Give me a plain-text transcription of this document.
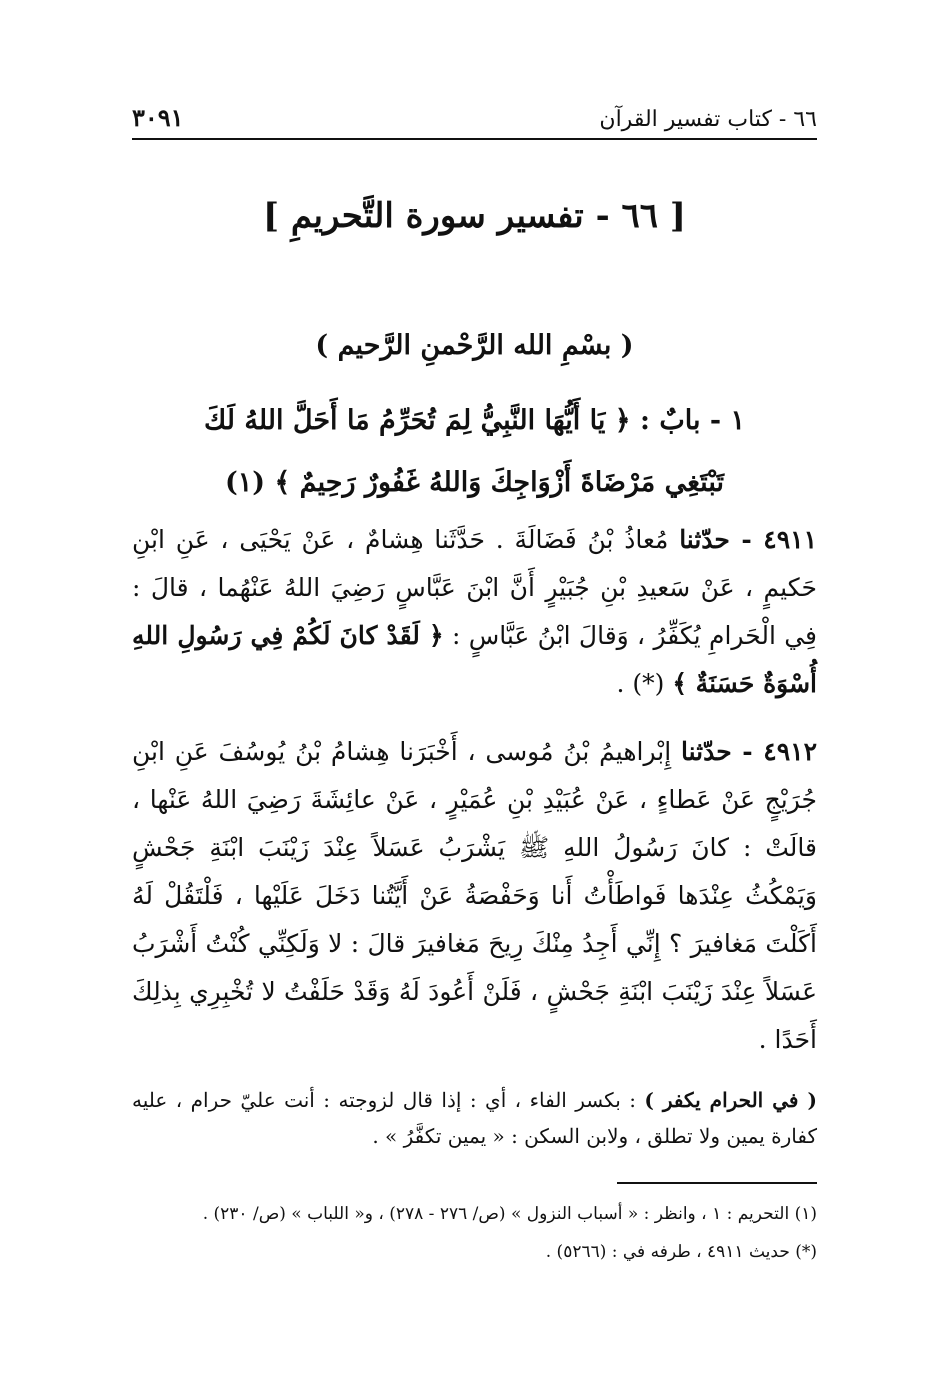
٦٦ - كتاب تفسير القرآن
٣٠٩١
[ ٦٦ - تفسير سورة التَّحريمِ ]
( بسْمِ الله الرَّحْمنِ الرَّحيم )
١ - بابٌ : ﴿ يَا أَيُّهَا النَّبِيُّ لِمَ تُحَرِّمُ مَا أَحَلَّ اللهُ لَكَ
تَبْتَغِي مَرْضَاةَ أَزْوَاجِكَ وَاللهُ غَفُورٌ رَحِيمٌ ﴾ (١)
٤٩١١ - حدّثنا مُعاذُ بْنُ فَضَالَةَ . حَدَّثَنا هِشامٌ ، عَنْ يَحْيَى ، عَنِ ابْنِ حَكيمٍ ، عَنْ سَعيدِ بْنِ جُبَيْرٍ أَنَّ ابْنَ عَبَّاسٍ رَضِيَ اللهُ عَنْهُما ، قالَ : فِي الْحَرامِ يُكَفِّرُ ، وَقالَ ابْنُ عَبَّاسٍ : ﴿ لَقَدْ كانَ لَكُمْ فِي رَسُولِ اللهِ أُسْوَةٌ حَسَنَةٌ ﴾ (*) .
٤٩١٢ - حدّثنا إِبْراهيمُ بْنُ مُوسى ، أَخْبَرَنا هِشامُ بْنُ يُوسُفَ عَنِ ابْنِ جُرَيْجٍ عَنْ عَطاءٍ ، عَنْ عُبَيْدِ بْنِ عُمَيْرٍ ، عَنْ عائِشَةَ رَضِيَ اللهُ عَنْها ، قالَتْ : كانَ رَسُولُ اللهِ ﷺ يَشْرَبُ عَسَلاً عِنْدَ زَيْنَبَ ابْنَةِ جَحْشٍ وَيَمْكُثُ عِنْدَها فَواطَأْتُ أَنا وَحَفْصَةُ عَنْ أَيَّتُنا دَخَلَ عَلَيْها ، فَلْتَقُلْ لَهُ أَكَلْتَ مَغافيرَ ؟ إِنِّي أَجِدُ مِنْكَ رِيحَ مَغافيرَ قالَ : لا وَلَكِنِّي كُنْتُ أَشْرَبُ عَسَلاً عِنْدَ زَيْنَبَ ابْنَةِ جَحْشٍ ، فَلَنْ أَعُودَ لَهُ وَقَدْ حَلَفْتُ لا تُخْبِرِي بِذلِكَ أَحَدًا .
( في الحرام يكفر ) : بكسر الفاء ، أي : إذا قال لزوجته : أنت عليّ حرام ، عليه كفارة يمين ولا تطلق ، ولابن السكن : « يمين تكفَّرُ » .
(١) التحريم : ١ ، وانظر : « أسباب النزول » (ص/ ٢٧٦ - ٢٧٨) ، و« اللباب » (ص/ ٢٣٠) .
(*) حديث ٤٩١١ ، طرفه في : (٥٢٦٦) .
